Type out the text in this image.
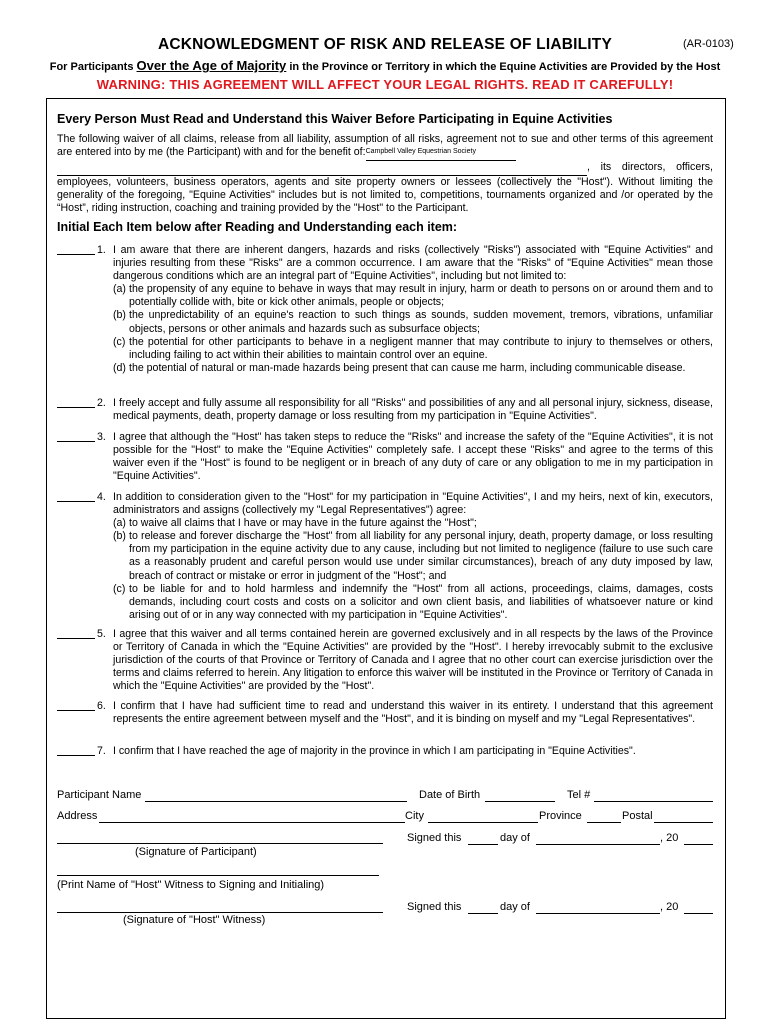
ACKNOWLEDGMENT OF RISK AND RELEASE OF LIABILITY	(AR-0103)
For Participants Over the Age of Majority in the Province or Territory in which the Equine Activities are Provided by the Host
WARNING: THIS AGREEMENT WILL AFFECT YOUR LEGAL RIGHTS. READ IT CAREFULLY!
Every Person Must Read and Understand this Waiver Before Participating in Equine Activities
The following waiver of all claims, release from all liability, assumption of all risks, agreement not to sue and other terms of this agreement are entered into by me (the Participant) with and for the benefit of:Campbell Valley Equestrian Society
, its directors, officers, employees, volunteers, business operators, agents and site property owners or lessees (collectively the "Host"). Without limiting the generality of the foregoing, "Equine Activities" includes but is not limited to, competitions, tournaments organized and /or operated by the “Host”, riding instruction, coaching and training provided by the "Host" to the Participant.
Initial Each Item below after Reading and Understanding each item:
1. I am aware that there are inherent dangers, hazards and risks (collectively "Risks") associated with "Equine Activities" and injuries resulting from these "Risks" are a common occurrence. I am aware that the "Risks" of "Equine Activities" mean those dangerous conditions which are an integral part of "Equine Activities", including but not limited to:
(a) the propensity of any equine to behave in ways that may result in injury, harm or death to persons on or around them and to potentially collide with, bite or kick other animals, people or objects;
(b) the unpredictability of an equine's reaction to such things as sounds, sudden movement, tremors, vibrations, unfamiliar objects, persons or other animals and hazards such as subsurface objects;
(c) the potential for other participants to behave in a negligent manner that may contribute to injury to themselves or others, including failing to act within their abilities to maintain control over an equine.
(d) the potential of natural or man-made hazards being present that can cause me harm, including communicable disease.
2. I freely accept and fully assume all responsibility for all "Risks" and possibilities of any and all personal injury, sickness, disease, medical payments, death, property damage or loss resulting from my participation in "Equine Activities".
3. I agree that although the "Host" has taken steps to reduce the "Risks" and increase the safety of the "Equine Activities", it is not possible for the "Host" to make the "Equine Activities" completely safe. I accept these "Risks" and agree to the terms of this waiver even if the "Host" is found to be negligent or in breach of any duty of care or any obligation to me in my participation in "Equine Activities".
4. In addition to consideration given to the "Host" for my participation in "Equine Activities", I and my heirs, next of kin, executors, administrators and assigns (collectively my "Legal Representatives") agree:
(a) to waive all claims that I have or may have in the future against the "Host";
(b) to release and forever discharge the "Host" from all liability for any personal injury, death, property damage, or loss resulting from my participation in the equine activity due to any cause, including but not limited to negligence (failure to use such care as a reasonably prudent and careful person would use under similar circumstances), breach of any duty imposed by law, breach of contract or mistake or error in judgment of the "Host"; and
(c) to be liable for and to hold harmless and indemnify the "Host" from all actions, proceedings, claims, damages, costs demands, including court costs and costs on a solicitor and own client basis, and liabilities of whatsoever nature or kind arising out of or in any way connected with my participation in "Equine Activities".
5. I agree that this waiver and all terms contained herein are governed exclusively and in all respects by the laws of the Province or Territory of Canada in which the "Equine Activities" are provided by the "Host". I hereby irrevocably submit to the exclusive jurisdiction of the courts of that Province or Territory of Canada and I agree that no other court can exercise jurisdiction over the terms and claims referred to herein. Any litigation to enforce this waiver will be instituted in the Province or Territory of Canada in which the "Equine Activities" are provided by the "Host".
6. I confirm that I have had sufficient time to read and understand this waiver in its entirety. I understand that this agreement represents the entire agreement between myself and the "Host", and it is binding on myself and my "Legal Representatives".
7. I confirm that I have reached the age of majority in the province in which I am participating in "Equine Activities".
Participant Name	Date of Birth	Tel #
Address	City	Province	Postal
(Signature of Participant)
Signed this	day of	, 20
(Print Name of "Host" Witness to Signing and Initialing)
(Signature of "Host" Witness)
Signed this	day of	, 20
